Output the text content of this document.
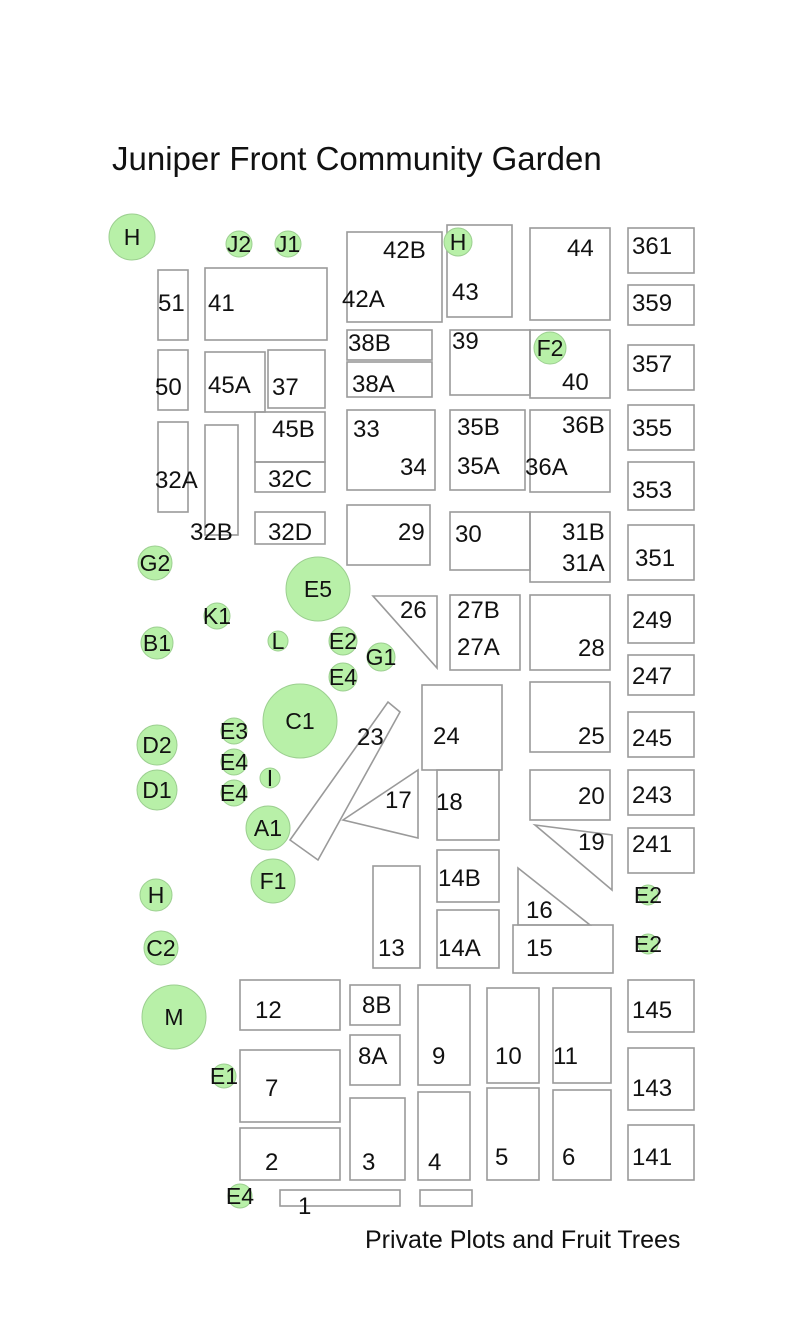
Juniper Front Community Garden
H	J2 J1	H
F2
G2
E5
K1
B1	L E2
G1
E4
C1
D2
E3
E4
I
D1 E4
A1
F1
H	E2
C2	E2
M
E1
E4
51 41	42A
42B
43
44 361
359
38B	39
357
50 45A 37 38A	40
45B 33	35B	36B 355
32A	32C	34 35A 36A
353
32B 32D	29 30	31B
31A 351
26 27B	249
27A	28
247
23 24	25 245
17 18	20 243
19 241
14B
16
13 14A 15
12	8B	145
8A 9 10 11
7	143
2	3 4 5 6 141
1
Private Plots and Fruit Trees
